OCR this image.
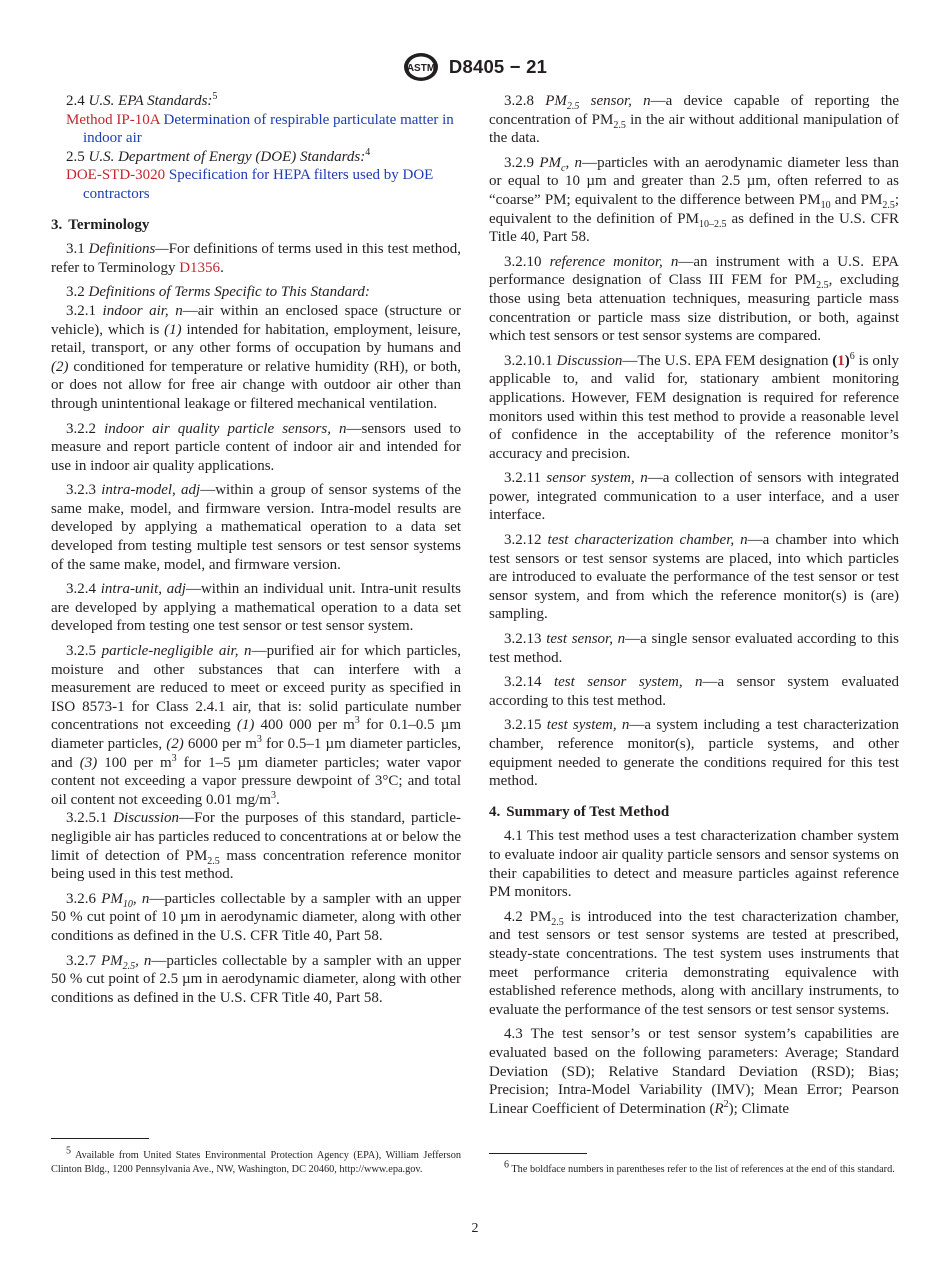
ASTM D8405 − 21

2.4 U.S. EPA Standards:$^5$

Method IP-10A Determination of respirable particulate matter in indoor air

2.5 U.S. Department of Energy (DOE) Standards:$^4$

DOE-STD-3020 Specification for HEPA filters used by DOE contractors

3. Terminology

3.1 Definitions—For definitions of terms used in this test method, refer to Terminology D1356.

3.2 Definitions of Terms Specific to This Standard:

3.2.1 indoor air, n—air within an enclosed space (structure or vehicle), which is (1) intended for habitation, employment, leisure, retail, transport, or any other forms of occupation by humans and (2) conditioned for temperature or relative humidity (RH), or both, or does not allow for free air change with outdoor air other than through unintentional leakage or filtered mechanical ventilation.

3.2.2 indoor air quality particle sensors, n—sensors used to measure and report particle content of indoor air and intended for use in indoor air quality applications.

3.2.3 intra-model, adj—within a group of sensor systems of the same make, model, and firmware version. Intra-model results are developed by applying a mathematical operation to a data set developed from testing multiple test sensors or test sensor systems of the same make, model, and firmware version.

3.2.4 intra-unit, adj—within an individual unit. Intra-unit results are developed by applying a mathematical operation to a data set developed from testing one test sensor or test sensor system.

3.2.5 particle-negligible air, n—purified air for which particles, moisture and other substances that can interfere with a measurement are reduced to meet or exceed purity as specified in ISO 8573-1 for Class 2.4.1 air, that is: solid particulate number concentrations not exceeding (1) 400 000 per $m^3$ for 0.1–0.5 µm diameter particles, (2) 6000 per $m^3$ for 0.5–1 µm diameter particles, and (3) 100 per $m^3$ for 1–5 µm diameter particles; water vapor content not exceeding a vapor pressure dewpoint of 3°C; and total oil content not exceeding 0.01 $mg/m^3$.

3.2.5.1 Discussion—For the purposes of this standard, particle-negligible air has particles reduced to concentrations at or below the limit of detection of $PM_{2.5}$ mass concentration reference monitor being used in this test method.

3.2.6 $PM_{10}$, n—particles collectable by a sampler with an upper 50 % cut point of 10 µm in aerodynamic diameter, along with other conditions as defined in the U.S. CFR Title 40, Part 58.

3.2.7 $PM_{2.5}$, n—particles collectable by a sampler with an upper 50 % cut point of 2.5 µm in aerodynamic diameter, along with other conditions as defined in the U.S. CFR Title 40, Part 58.

3.2.8 $PM_{2.5}$ sensor, n—a device capable of reporting the concentration of $PM_{2.5}$ in the air without additional manipulation of the data.

3.2.9 $PM_c$, n—particles with an aerodynamic diameter less than or equal to 10 µm and greater than 2.5 µm, often referred to as “coarse” PM; equivalent to the difference between $PM_{10}$ and $PM_{2.5}$; equivalent to the definition of $PM_{10-2.5}$ as defined in the U.S. CFR Title 40, Part 58.

3.2.10 reference monitor, n—an instrument with a U.S. EPA performance designation of Class III FEM for $PM_{2.5}$, excluding those using beta attenuation techniques, measuring particle mass concentration or particle mass size distribution, or both, against which test sensors or test sensor systems are compared.

3.2.10.1 Discussion—The U.S. EPA FEM designation $(1)^6$ is only applicable to, and valid for, stationary ambient monitoring applications. However, FEM designation is required for reference monitors used within this test method to provide a reasonable level of confidence in the acceptability of the reference monitor’s accuracy and precision.

3.2.11 sensor system, n—a collection of sensors with integrated power, integrated communication to a user interface, and a user interface.

3.2.12 test characterization chamber, n—a chamber into which test sensors or test sensor systems are placed, into which particles are introduced to evaluate the performance of the test sensor or test sensor system, and from which the reference monitor(s) is (are) sampling.

3.2.13 test sensor, n—a single sensor evaluated according to this test method.

3.2.14 test sensor system, n—a sensor system evaluated according to this test method.

3.2.15 test system, n—a system including a test characterization chamber, reference monitor(s), particle systems, and other equipment needed to generate the conditions required for this test method.

4. Summary of Test Method

4.1 This test method uses a test characterization chamber system to evaluate indoor air quality particle sensors and sensor systems on their capabilities to detect and measure particles against reference PM monitors.

4.2 $PM_{2.5}$ is introduced into the test characterization chamber, and test sensors or test sensor systems are tested at prescribed, steady-state concentrations. The test system uses instruments that meet performance criteria demonstrating equivalence with established reference methods, along with ancillary instruments, to evaluate the performance of the test sensors or test sensor systems.

4.3 The test sensor’s or test sensor system’s capabilities are evaluated based on the following parameters: Average; Standard Deviation (SD); Relative Standard Deviation (RSD); Bias; Precision; Intra-Model Variability (IMV); Mean Error; Pearson Linear Coefficient of Determination $(R^2)$; Climate

$^5$ Available from United States Environmental Protection Agency (EPA), William Jefferson Clinton Bldg., 1200 Pennsylvania Ave., NW, Washington, DC 20460, http://www.epa.gov.	$^6$ The boldface numbers in parentheses refer to the list of references at the end of this standard.
2
